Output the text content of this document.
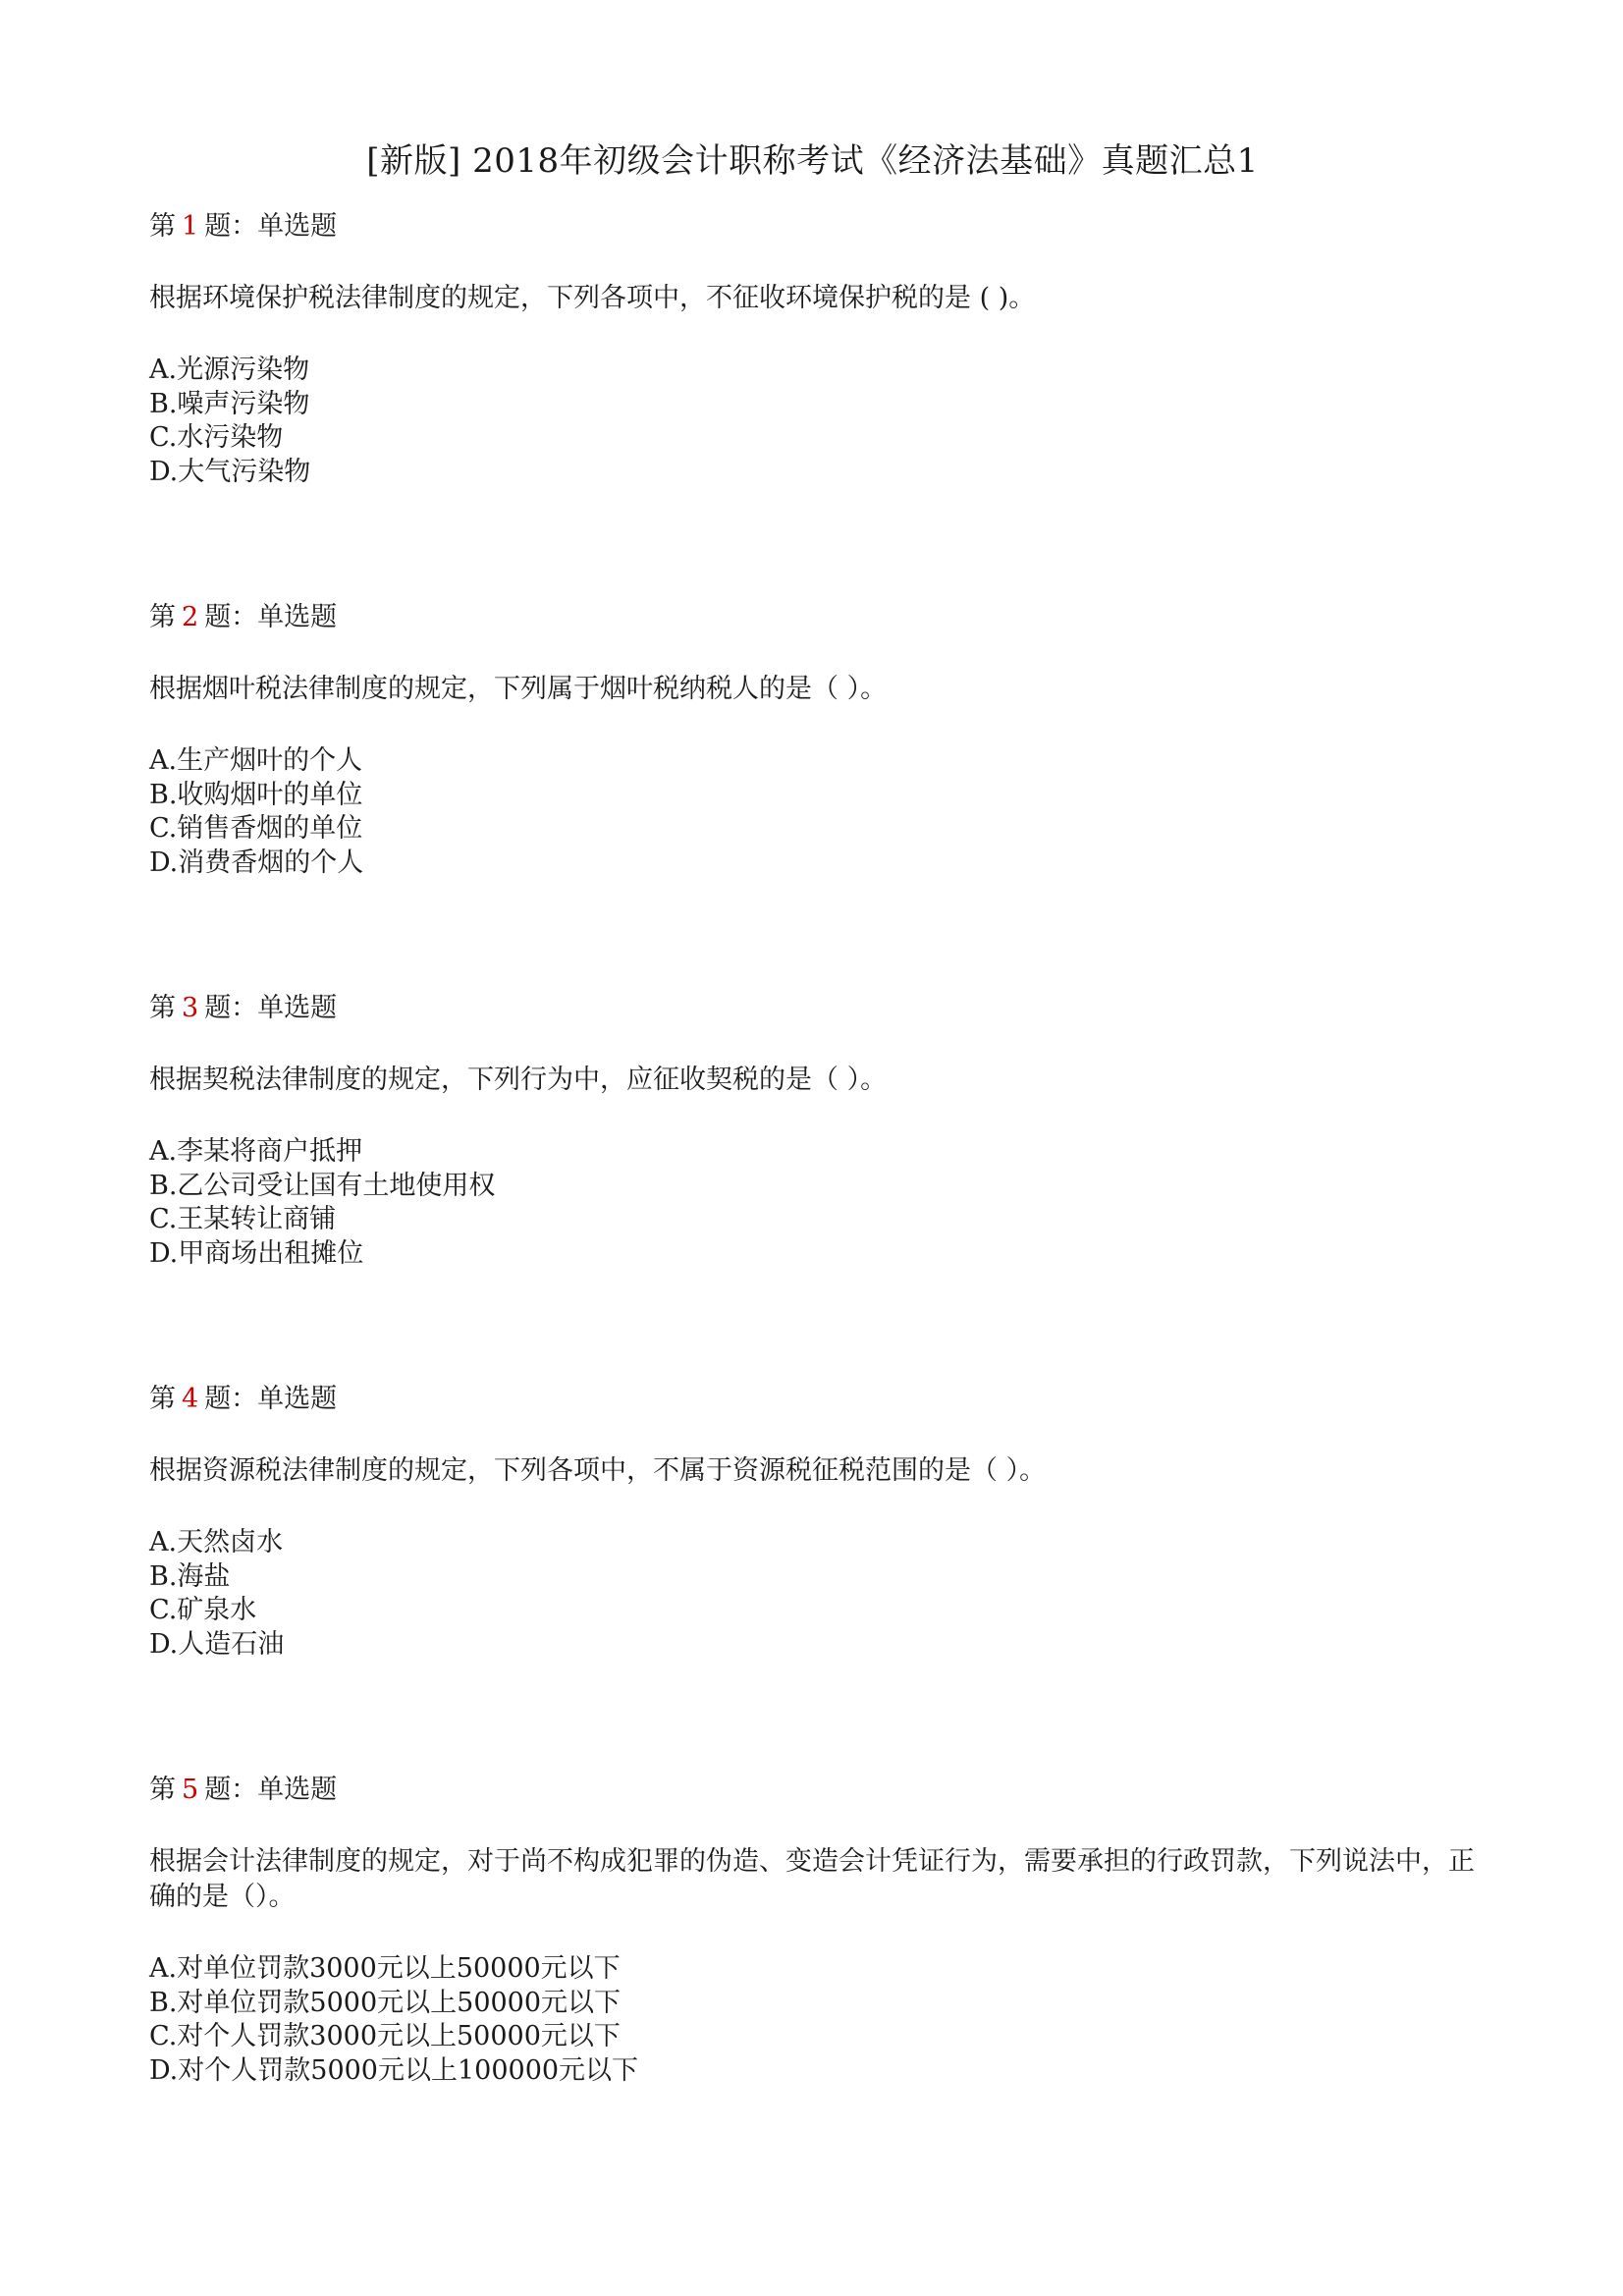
[新版] 2018年初级会计职称考试《经济法基础》真题汇总1
第 1 题：单选题

根据环境保护税法律制度的规定，下列各项中，不征收环境保护税的是 ( )。

A.光源污染物
B.噪声污染物
C.水污染物
D.大气污染物
第 2 题：单选题

根据烟叶税法律制度的规定，下列属于烟叶税纳税人的是（ ）。

A.生产烟叶的个人
B.收购烟叶的单位
C.销售香烟的单位
D.消费香烟的个人
第 3 题：单选题

根据契税法律制度的规定，下列行为中，应征收契税的是（ ）。

A.李某将商户抵押
B.乙公司受让国有土地使用权
C.王某转让商铺
D.甲商场出租摊位
第 4 题：单选题

根据资源税法律制度的规定，下列各项中，不属于资源税征税范围的是（ ）。

A.天然卤水
B.海盐
C.矿泉水
D.人造石油
第 5 题：单选题

根据会计法律制度的规定，对于尚不构成犯罪的伪造、变造会计凭证行为，需要承担的行政罚款，下列说法中，正确的是（）。

A.对单位罚款3000元以上50000元以下
B.对单位罚款5000元以上50000元以下
C.对个人罚款3000元以上50000元以下
D.对个人罚款5000元以上100000元以下
